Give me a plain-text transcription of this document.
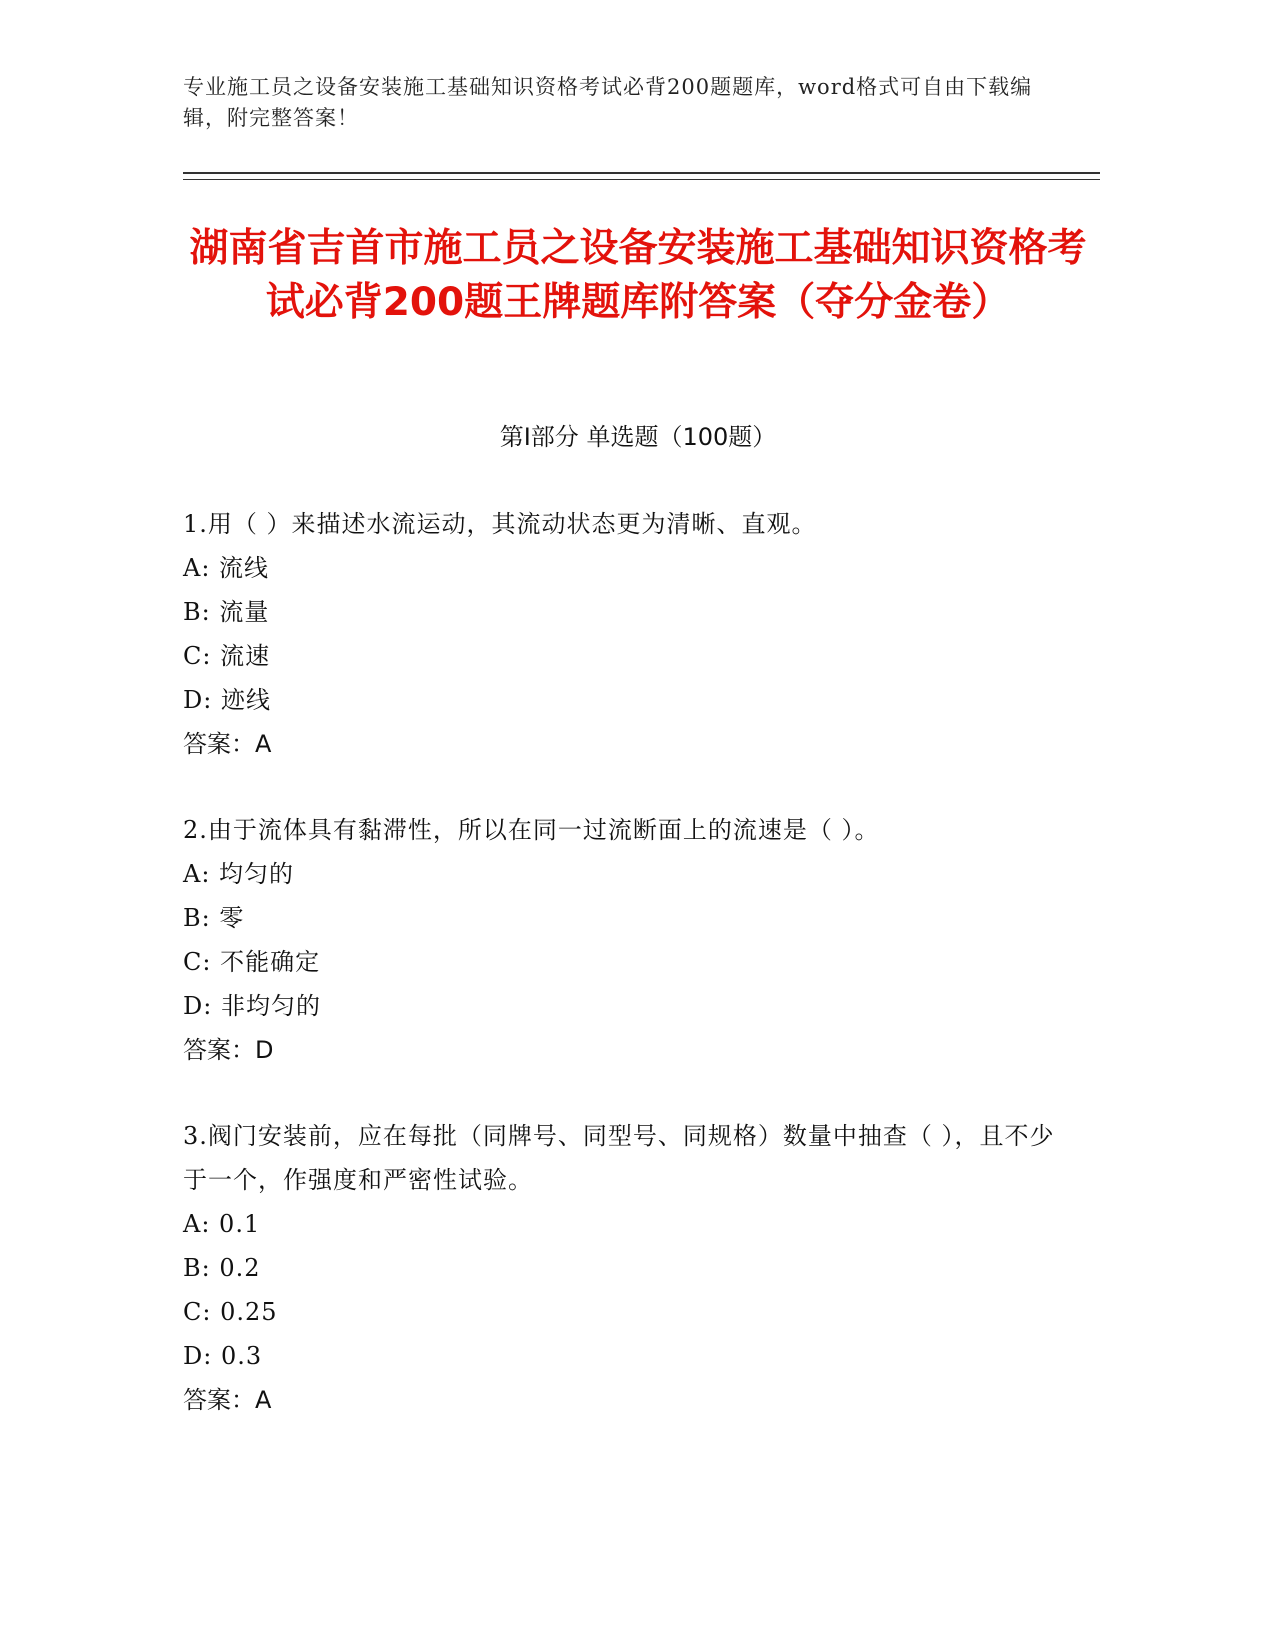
专业施工员之设备安装施工基础知识资格考试必背200题题库，word格式可自由下载编辑，附完整答案！
湖南省吉首市施工员之设备安装施工基础知识资格考试必背200题王牌题库附答案（夺分金卷）
第I部分 单选题（100题）

1.用（ ）来描述水流运动，其流动状态更为清晰、直观。

A: 流线

B: 流量

C: 流速

D: 迹线

答案：A

2.由于流体具有黏滞性，所以在同一过流断面上的流速是（ ）。

A: 均匀的

B: 零

C: 不能确定

D: 非均匀的

答案：D

3.阀门安装前，应在每批（同牌号、同型号、同规格）数量中抽查（ ），且不少于一个，作强度和严密性试验。

A: 0.1

B: 0.2

C: 0.25

D: 0.3

答案：A
